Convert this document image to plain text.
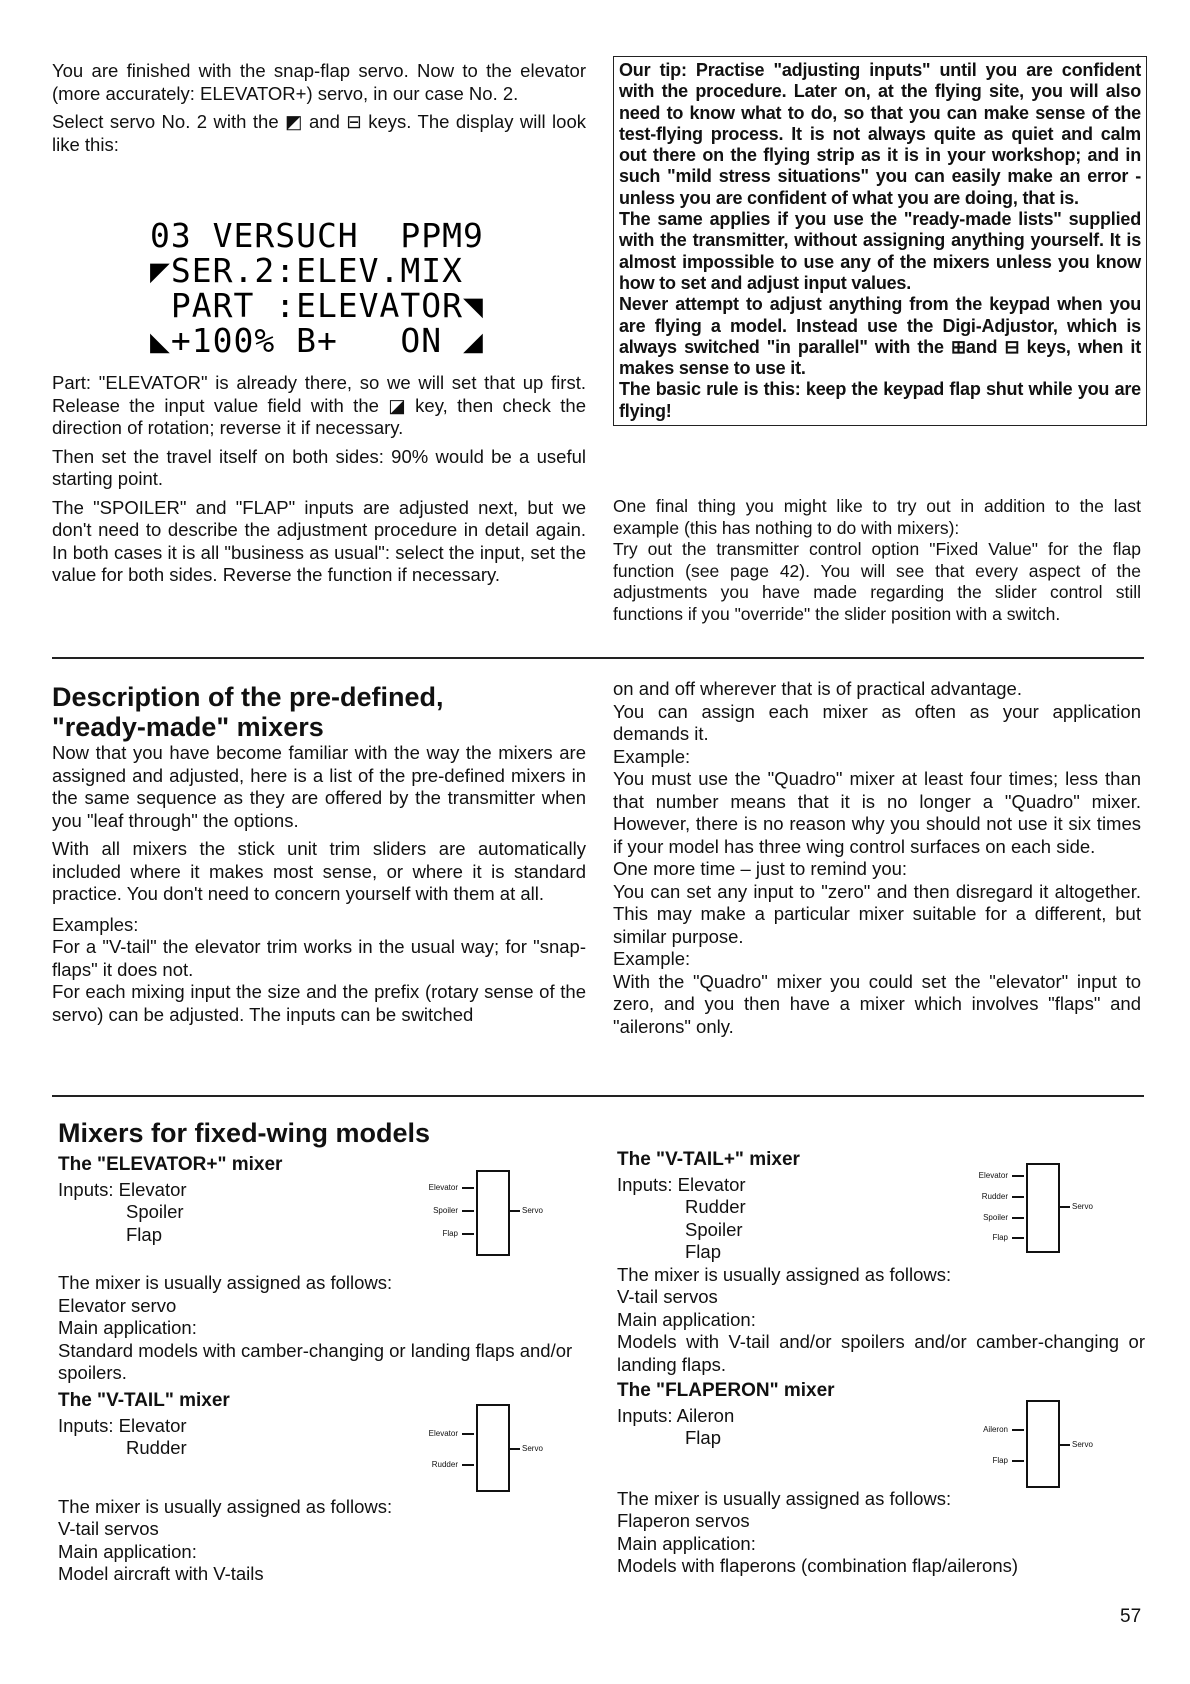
You are finished with the snap-flap servo. Now to the elevator (more accurately: ELEVATOR+) servo, in our case No. 2.

Select servo No. 2 with the ◩ and ⊟ keys. The display will look like this:

03 VERSUCH  PPM9
◤SER.2:ELEV.MIX
PART :ELEVATOR◥
◣+100% B+   ON ◢

Part: "ELEVATOR" is already there, so we will set that up first. Release the input value field with the ◪ key, then check the direction of rotation; reverse it if necessary.

Then set the travel itself on both sides: 90% would be a useful starting point.

The "SPOILER" and "FLAP" inputs are adjusted next, but we don't need to describe the adjustment procedure in detail again. In both cases it is all "business as usual": select the input, set the value for both sides. Reverse the function if necessary.

Our tip: Practise "adjusting inputs" until you are confident with the procedure. Later on, at the flying site, you will also need to know what to do, so that you can make sense of the test-flying process. It is not always quite as quiet and calm out there on the flying strip as it is in your workshop; and in such "mild stress situations" you can easily make an error - unless you are confident of what you are doing, that is.

The same applies if you use the "ready-made lists" supplied with the transmitter, without assigning anything yourself. It is almost impossible to use any of the mixers unless you know how to set and adjust input values.

Never attempt to adjust anything from the keypad when you are flying a model. Instead use the Digi-Adjustor, which is always switched "in parallel" with the ⊞and ⊟ keys, when it makes sense to use it.

The basic rule is this: keep the keypad flap shut while you are flying!

One final thing you might like to try out in addition to the last example (this has nothing to do with mixers):

Try out the transmitter control option "Fixed Value" for the flap function (see page 42). You will see that every aspect of the adjustments you have made regarding the slider control still functions if you "override" the slider position with a switch.

Description of the pre-defined, "ready-made" mixers

Now that you have become familiar with the way the mixers are assigned and adjusted, here is a list of the pre-defined mixers in the same sequence as they are offered by the transmitter when you "leaf through" the options.

With all mixers the stick unit trim sliders are automatically included where it makes most sense, or where it is standard practice. You don't need to concern yourself with them at all.

Examples:

For a "V-tail" the elevator trim works in the usual way; for "snap-flaps" it does not.

For each mixing input the size and the prefix (rotary sense of the servo) can be adjusted. The inputs can be switched

on and off wherever that is of practical advantage.

You can assign each mixer as often as your application demands it.

Example:

You must use the "Quadro" mixer at least four times; less than that number means that it is no longer a "Quadro" mixer. However, there is no reason why you should not use it six times if your model has three wing control surfaces on each side.

One more time – just to remind you:

You can set any input to "zero" and then disregard it altogether. This may make a particular mixer suitable for a different, but similar purpose.

Example:

With the "Quadro" mixer you could set the "elevator" input to zero, and you then have a mixer which involves "flaps" and "ailerons" only.

Mixers for fixed-wing models
The "ELEVATOR+" mixer
Inputs: Elevator
Spoiler
Flap
The mixer is usually assigned as follows:
Elevator servo
Main application:
Standard models with camber-changing or landing flaps and/or spoilers.
Elevator
Spoiler
Flap
Servo
The "V-TAIL" mixer
Inputs: Elevator
Rudder
The mixer is usually assigned as follows:
V-tail servos
Main application:
Model aircraft with V-tails
Elevator
Rudder
Servo
The "V-TAIL+" mixer
Inputs: Elevator
Rudder
Spoiler
Flap
The mixer is usually assigned as follows:
V-tail servos
Main application:
Models with V-tail and/or spoilers and/or camber-changing or landing flaps.
The "FLAPERON" mixer
Inputs: Aileron
Flap
The mixer is usually assigned as follows:
Flaperon servos
Main application:
Models with flaperons (combination flap/ailerons)
Elevator
Rudder
Spoiler
Flap
Servo
Aileron
Flap
Servo
57
